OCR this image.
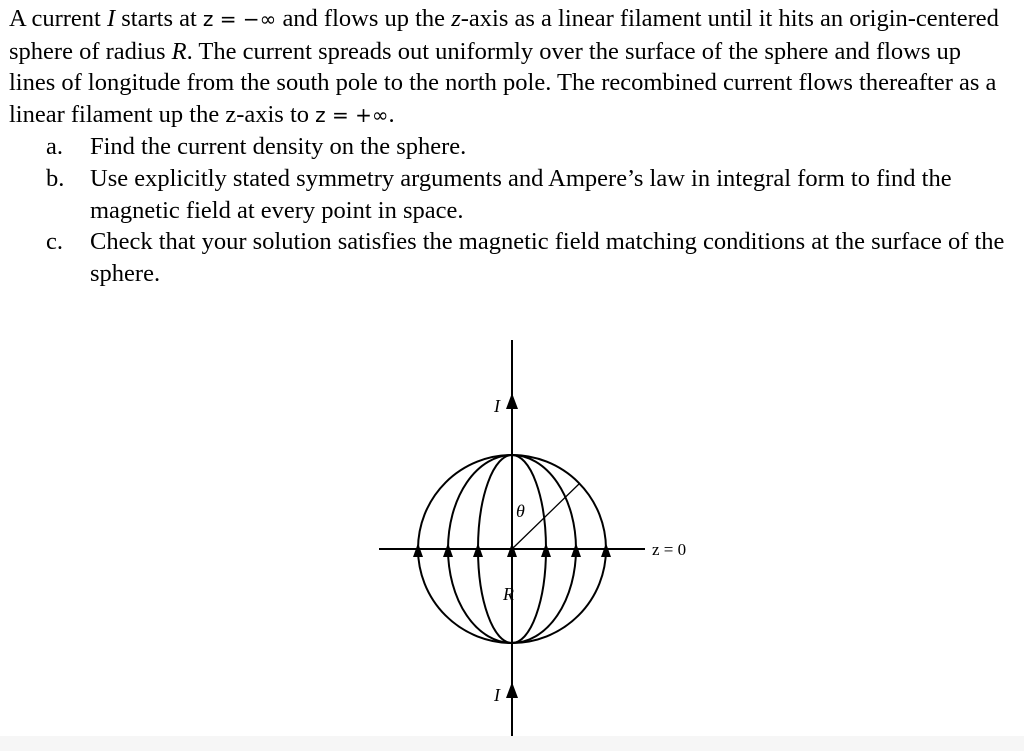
A current I starts at z = −∞ and flows up the z-axis as a linear filament until it hits an origin-centered sphere of radius R. The current spreads out uniformly over the surface of the sphere and flows up lines of longitude from the south pole to the north pole. The recombined current flows thereafter as a linear filament up the z-axis to z = +∞.

a. Find the current density on the sphere.
b. Use explicitly stated symmetry arguments and Ampere’s law in integral form to find the magnetic field at every point in space.
c. Check that your solution satisfies the magnetic field matching conditions at the surface of the sphere.
I
I
θ
R
z = 0
